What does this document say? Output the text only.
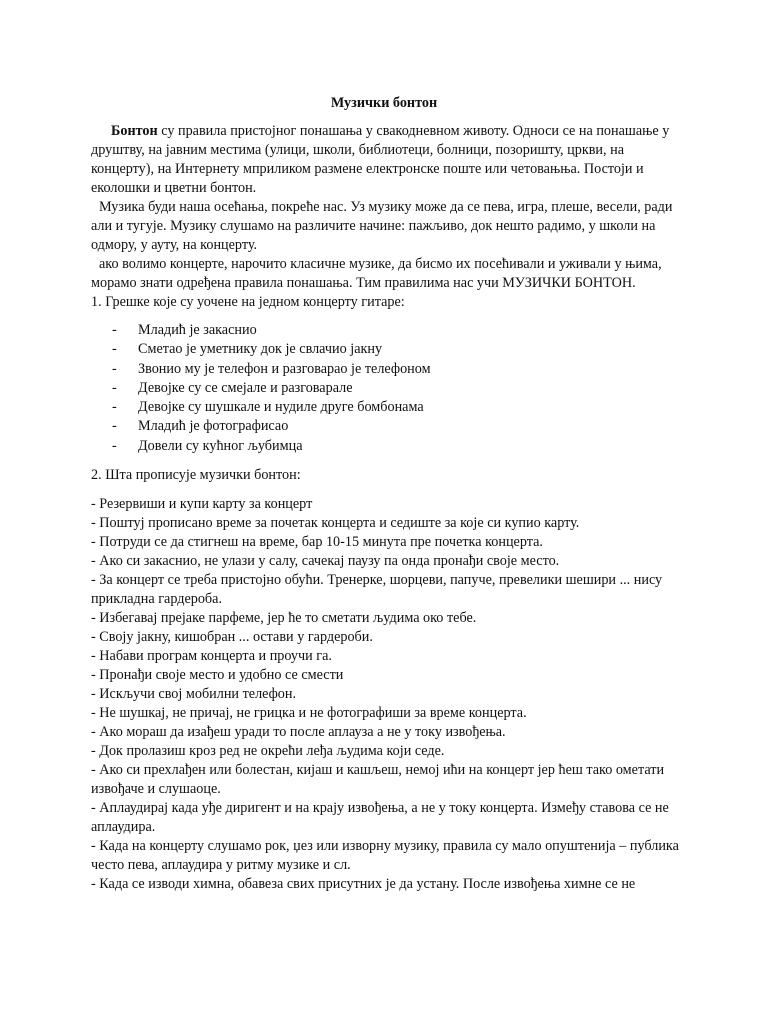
Музички бонтон

Бонтон су правила пристојног понашања у свакодневном животу. Односи се на понашање у друштву, на јавним местима (улици, школи, библиотеци, болници, позоришту, цркви, на концерту), на Интернету мприликом размене електронске поште или четовањња. Постоји и еколошки и цветни бонтон.

Музика буди наша осећања, покреће нас. Уз музику може да се пева, игра, плеше, весели, ради али и тугује. Музику слушамо на различите начине: пажљиво, док нешто радимо, у школи на одмору, у ауту, на концерту.

ако волимо концерте, нарочито класичне музике, да бисмо их посећивали и уживали у њима, морамо знати одређена правила понашања. Тим правилима нас учи МУЗИЧКИ БОНТОН.

1. Грешке које су уочене на једном концерту гитаре:

- Младић је закаснио
- Сметао је уметнику док је свлачио јакну
- Звонио му је телефон и разговарао је телефоном
- Девојке су се смејале и разговарале
- Девојке су шушкале и нудиле друге бомбонама
- Младић је фотографисао
- Довели су кућног љубимца

2. Шта прописује музички бонтон:

- Резервиши и купи карту за концерт

- Поштуј прописано време за почетак концерта и седиште за које си купио карту.

- Потруди се да стигнеш на време, бар 10-15 минута пре почетка концерта.

- Ако си закаснио, не улази у салу, сачекај паузу па онда пронађи своје место.

- За концерт се треба пристојно обући. Тренерке, шорцеви, папуче, превелики шешири ... нису прикладна гардероба.

- Избегавај прејаке парфеме, јер ће то сметати људима око тебе.

- Своју јакну, кишобран ... остави у гардероби.

- Набави програм концерта и проучи га.

- Пронађи своје место и удобно се смести

- Искључи свој мобилни телефон.

- Не шушкај, не причај, не грицка и не фотографиши за време концерта.

- Ако мораш да изађеш уради то после аплауза а не у току извођења.

- Док пролазиш кроз ред не окрећи леђа људима који седе.

- Ако си прехлађен или болестан, кијаш и кашљеш, немој ићи на концерт јер ћеш тако ометати извођаче и слушаоце.

- Аплаудирај када уђе диригент и на крају извођења, а не у току концерта. Између ставова се не аплаудира.

- Када на концерту слушамо рок, џез или изворну музику, правила су мало опуштенија – публика често пева, аплаудира у ритму музике и сл.

- Када се изводи химна, обавеза свих присутних је да устану. После извођења химне се не
